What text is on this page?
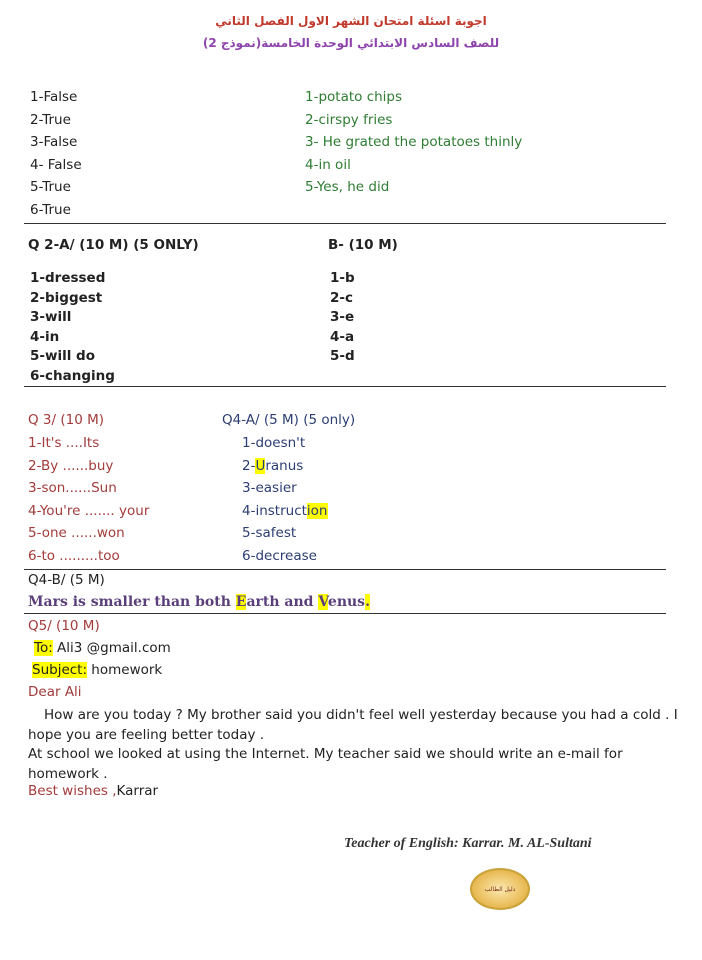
اجوبة اسئلة امتحان الشهر الاول الفصل الثاني
للصف السادس الابتدائي الوحدة الخامسة(نموذج 2)
1-False
2-True
3-False
4- False
5-True
6-True
1-potato chips
2-cirspy fries
3- He grated the potatoes thinly
4-in oil
5-Yes, he did
Q 2-A/ (10 M) (5 ONLY)	B- (10 M)
1-dressed
2-biggest
3-will
4-in
5-will do
6-changing
1-b
2-c
3-e
4-a
5-d
Q 3/ (10 M)
1-It's ....Its
2-By ......buy
3-son......Sun
4-You're ....... your
5-one ......won
6-to .........too
Q4-A/ (5 M) (5 only)
1-doesn't
2-Uranus
3-easier
4-instruction
5-safest
6-decrease
Q4-B/ (5 M)
Mars is smaller than both Earth and Venus.
Q5/ (10 M)
To: Ali3 @gmail.com
Subject: homework
Dear Ali
How are you today ? My brother said you didn't feel well yesterday because you had a cold . I
hope you are feeling better today .
At school we looked at using the Internet. My teacher said we should write an e-mail for
homework .
Best wishes ,Karrar
Teacher of English: Karrar. M. AL-Sultani
دليل الطالب
